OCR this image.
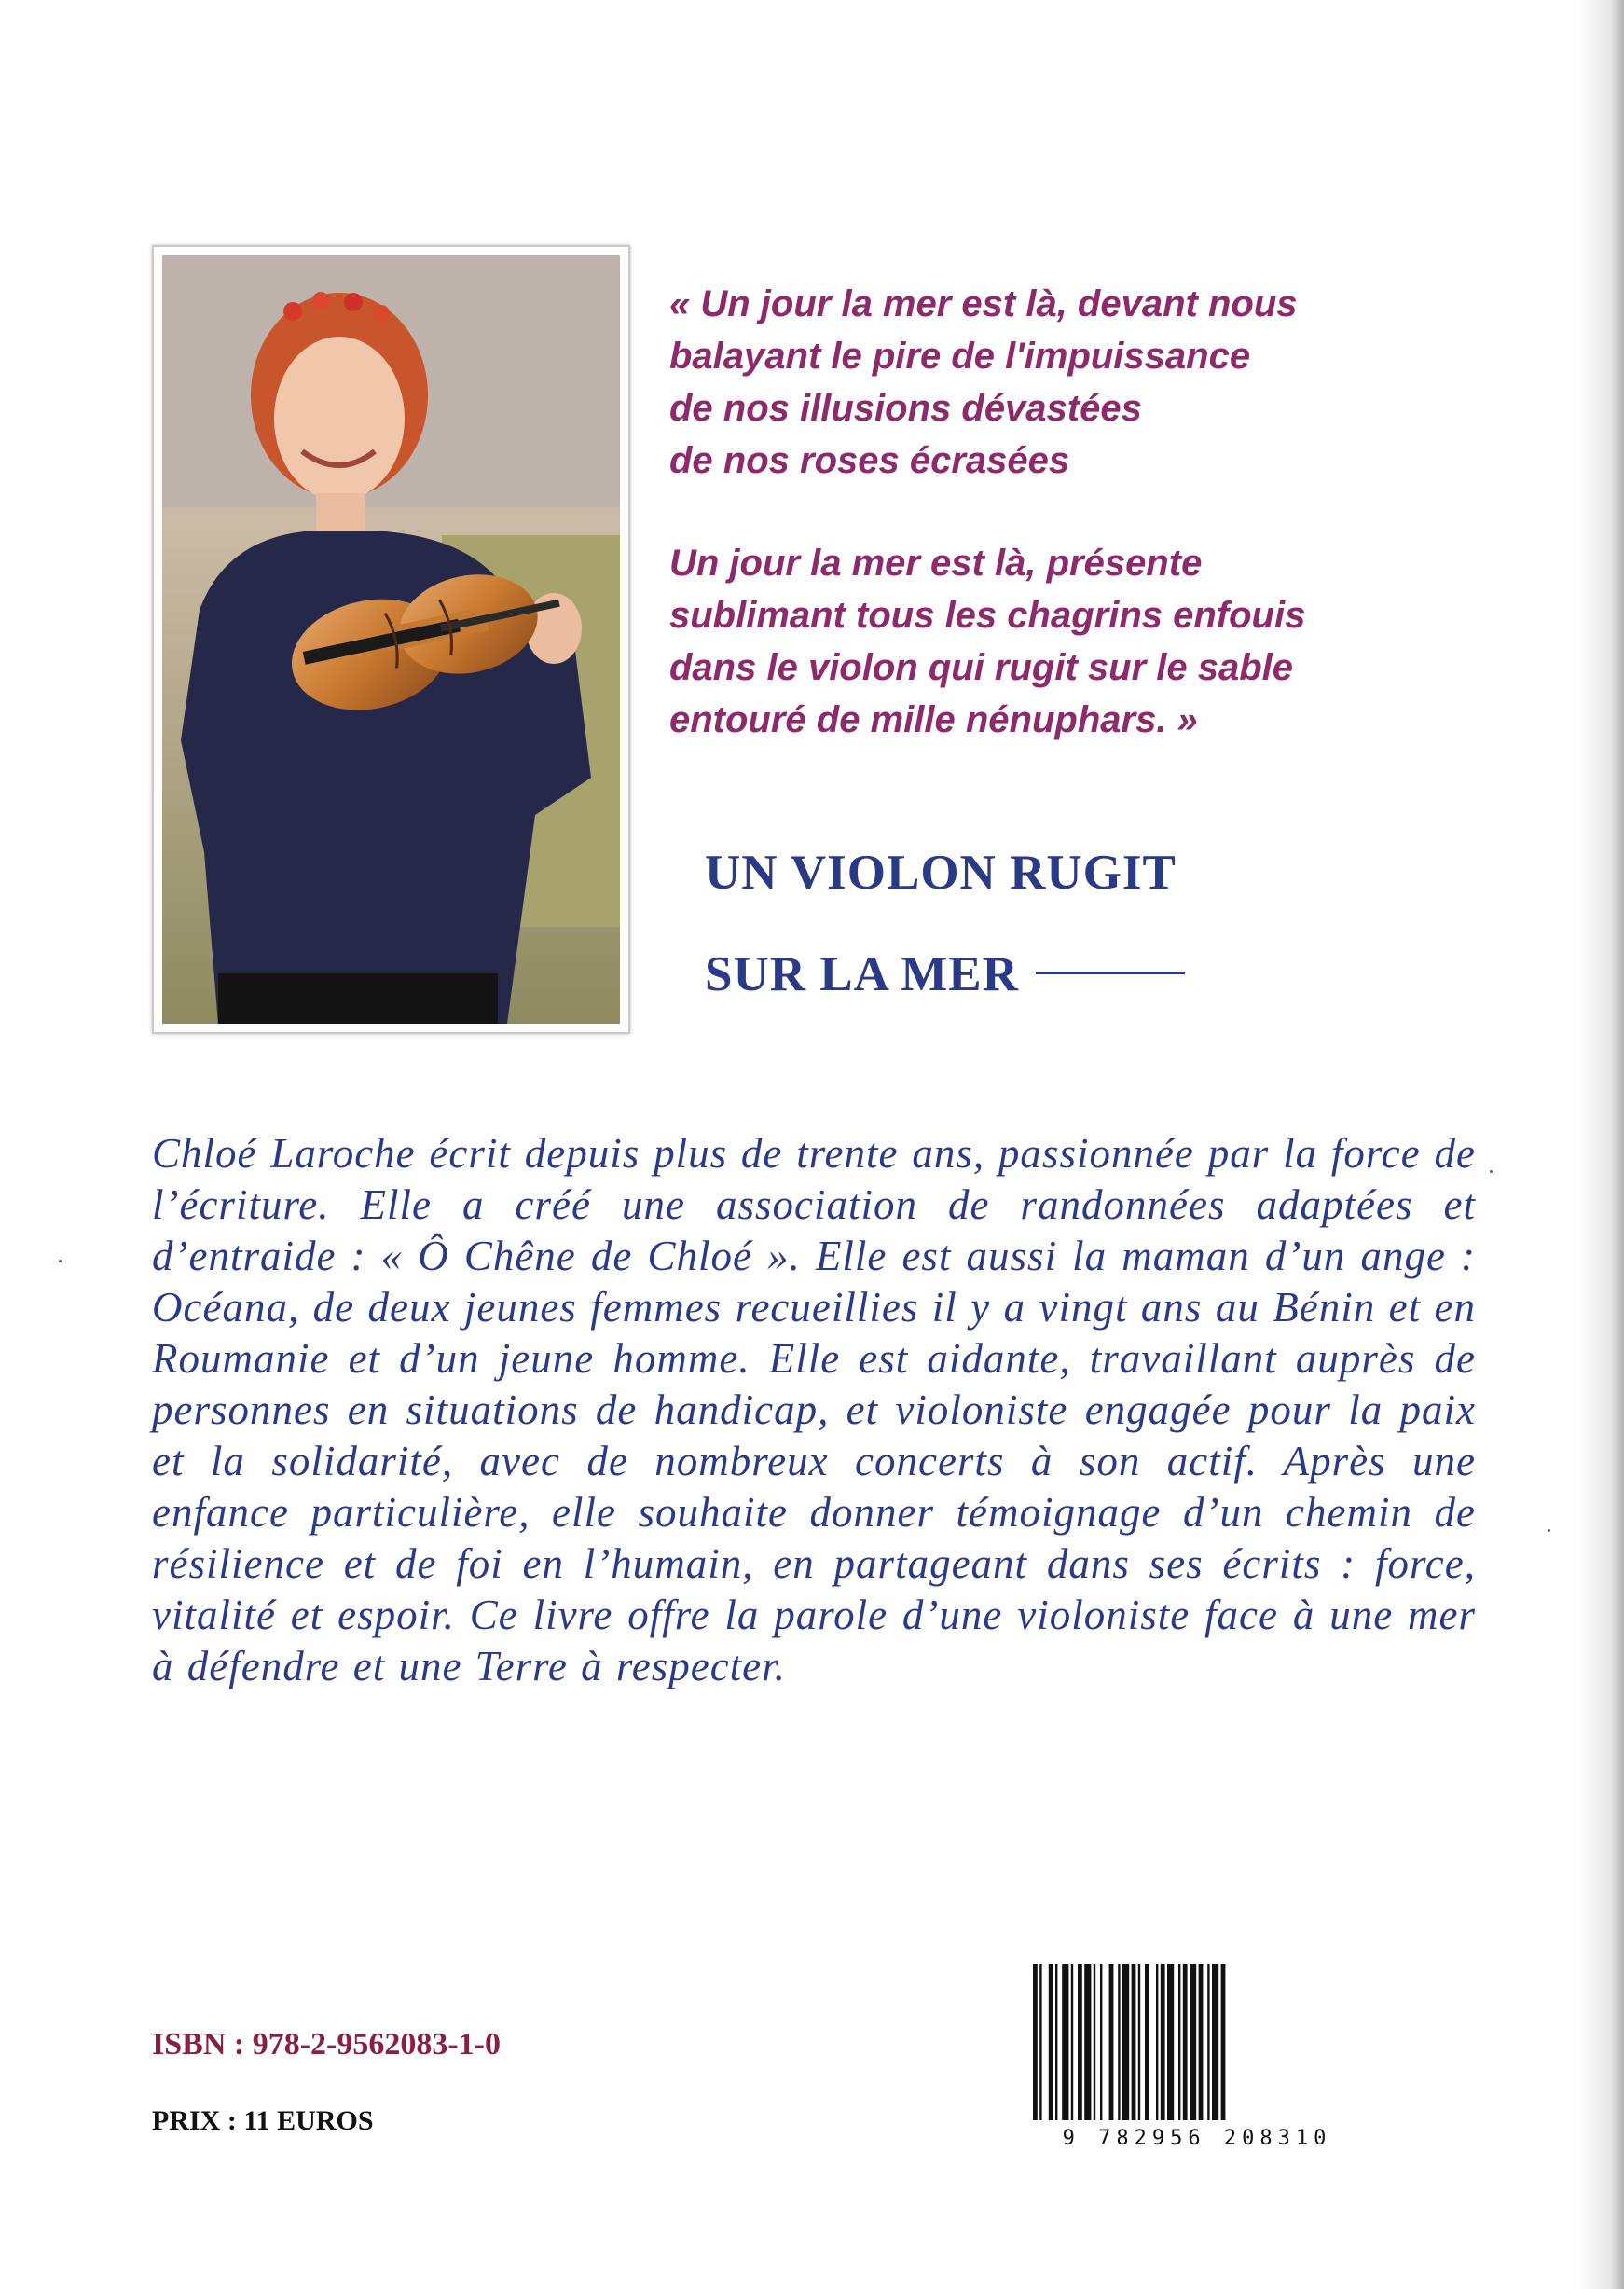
« Un jour la mer est là, devant nous
balayant le pire de l'impuissance
de nos illusions dévastées
de nos roses écrasées
Un jour la mer est là, présente
sublimant tous les chagrins enfouis
dans le violon qui rugit sur le sable
entouré de mille nénuphars. »
UN VIOLON RUGIT
SUR LA MER
Chloé Laroche écrit depuis plus de trente ans, passionnée par la force de l’écriture. Elle a créé une association de randonnées adaptées et d’entraide : « Ô Chêne de Chloé ». Elle est aussi la maman d’un ange : Océana, de deux jeunes femmes recueillies il y a vingt ans au Bénin et en Roumanie et d’un jeune homme. Elle est aidante, travaillant auprès de personnes en situations de handicap, et violoniste engagée pour la paix et la solidarité, avec de nombreux concerts à son actif. Après une enfance particulière, elle souhaite donner témoignage d’un chemin de résilience et de foi en l’humain, en partageant dans ses écrits : force, vitalité et espoir. Ce livre offre la parole d’une violoniste face à une mer à défendre et une Terre à respecter.
ISBN : 978-2-9562083-1-0
PRIX : 11 EUROS
9 782956 208310
